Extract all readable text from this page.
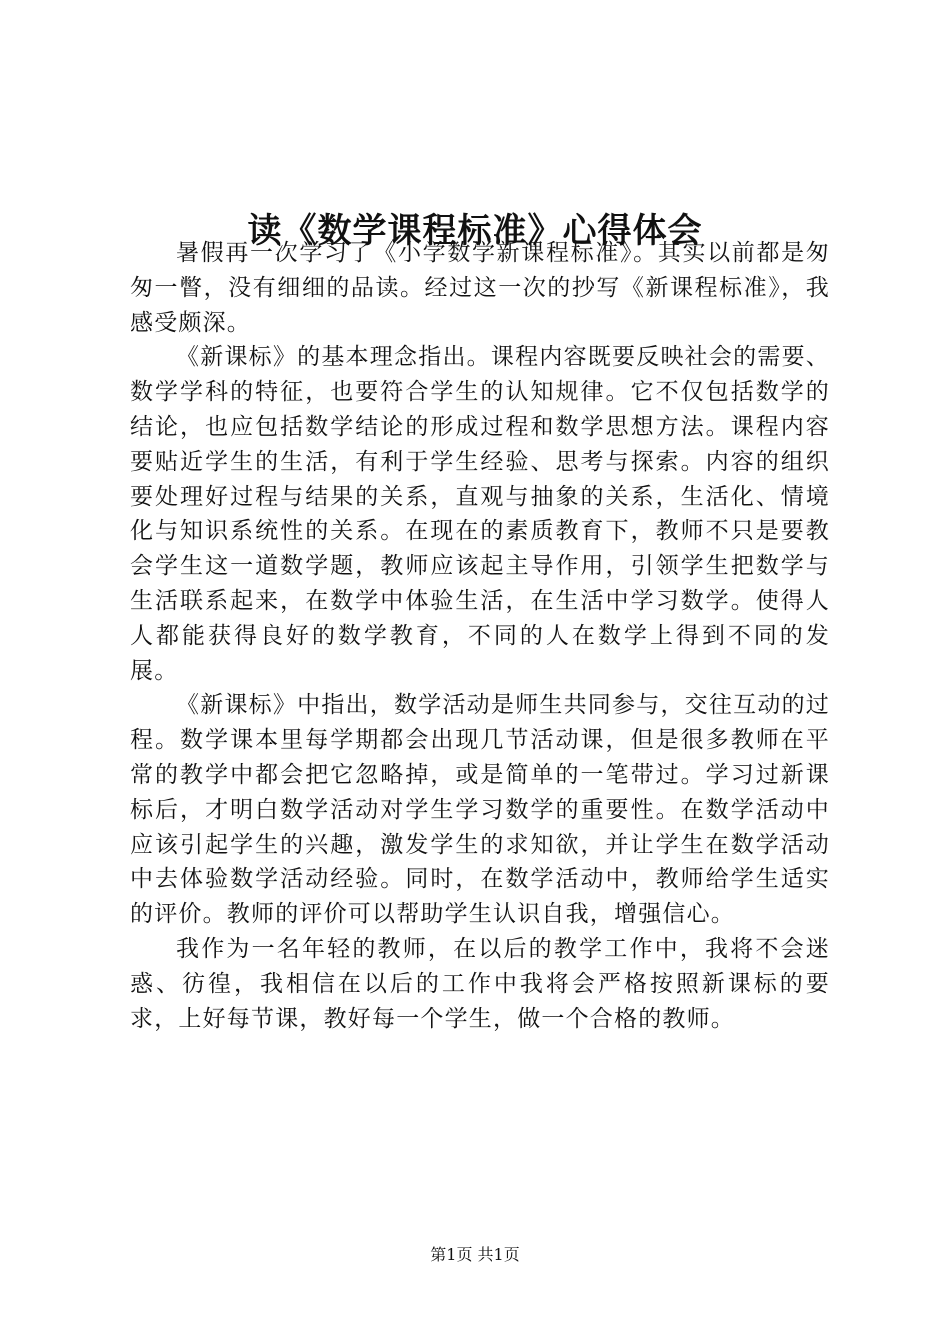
读《数学课程标准》心得体会

暑假再一次学习了《小学数学新课程标准》。其实以前都是匆匆一瞥，没有细细的品读。经过这一次的抄写《新课程标准》，我感受颇深。

《新课标》的基本理念指出。课程内容既要反映社会的需要、数学学科的特征，也要符合学生的认知规律。它不仅包括数学的结论，也应包括数学结论的形成过程和数学思想方法。课程内容要贴近学生的生活，有利于学生经验、思考与探索。内容的组织要处理好过程与结果的关系，直观与抽象的关系，生活化、情境化与知识系统性的关系。在现在的素质教育下，教师不只是要教会学生这一道数学题，教师应该起主导作用，引领学生把数学与生活联系起来，在数学中体验生活，在生活中学习数学。使得人人都能获得良好的数学教育，不同的人在数学上得到不同的发展。

《新课标》中指出，数学活动是师生共同参与，交往互动的过程。数学课本里每学期都会出现几节活动课，但是很多教师在平常的教学中都会把它忽略掉，或是简单的一笔带过。学习过新课标后，才明白数学活动对学生学习数学的重要性。在数学活动中应该引起学生的兴趣，激发学生的求知欲，并让学生在数学活动中去体验数学活动经验。同时，在数学活动中，教师给学生适实的评价。教师的评价可以帮助学生认识自我，增强信心。

我作为一名年轻的教师，在以后的教学工作中，我将不会迷惑、彷徨，我相信在以后的工作中我将会严格按照新课标的要求，上好每节课，教好每一个学生，做一个合格的教师。

第1页 共1页
